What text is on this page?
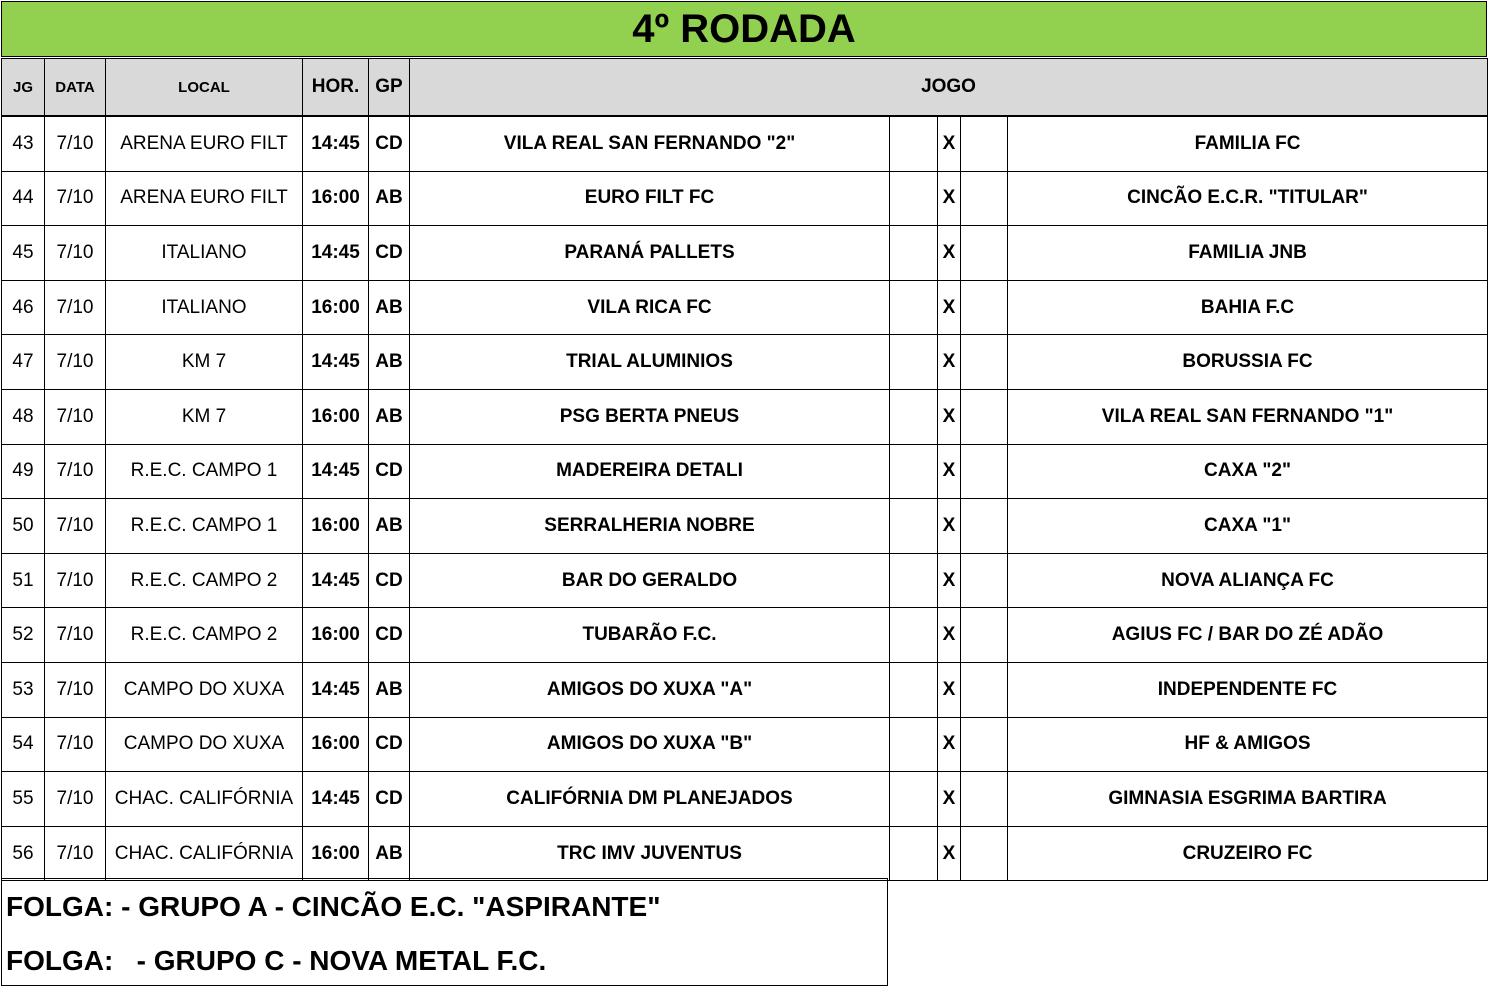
4º RODADA
JG	DATA	LOCAL	HOR.	GP	JOGO				
43	7/10	ARENA EURO FILT	14:45	CD	VILA REAL SAN FERNANDO "2"		X		FAMILIA FC
44	7/10	ARENA EURO FILT	16:00	AB	EURO FILT FC		X		CINCÃO E.C.R. "TITULAR"
45	7/10	ITALIANO	14:45	CD	PARANÁ PALLETS		X		FAMILIA JNB
46	7/10	ITALIANO	16:00	AB	VILA RICA FC		X		BAHIA F.C
47	7/10	KM 7	14:45	AB	TRIAL ALUMINIOS		X		BORUSSIA FC
48	7/10	KM 7	16:00	AB	PSG BERTA PNEUS		X		VILA REAL SAN FERNANDO "1"
49	7/10	R.E.C. CAMPO 1	14:45	CD	MADEREIRA DETALI		X		CAXA "2"
50	7/10	R.E.C. CAMPO 1	16:00	AB	SERRALHERIA NOBRE		X		CAXA "1"
51	7/10	R.E.C. CAMPO 2	14:45	CD	BAR DO GERALDO		X		NOVA ALIANÇA FC
52	7/10	R.E.C. CAMPO 2	16:00	CD	TUBARÃO F.C.		X		AGIUS FC / BAR DO ZÉ ADÃO
53	7/10	CAMPO DO XUXA	14:45	AB	AMIGOS DO XUXA "A"		X		INDEPENDENTE FC
54	7/10	CAMPO DO XUXA	16:00	CD	AMIGOS DO XUXA "B"		X		HF & AMIGOS
55	7/10	CHAC. CALIFÓRNIA	14:45	CD	CALIFÓRNIA DM PLANEJADOS		X		GIMNASIA ESGRIMA BARTIRA
56	7/10	CHAC. CALIFÓRNIA	16:00	AB	TRC IMV JUVENTUS		X		CRUZEIRO FC
FOLGA: - GRUPO A - CINCÃO E.C. "ASPIRANTE"
FOLGA:   - GRUPO C - NOVA METAL F.C.
